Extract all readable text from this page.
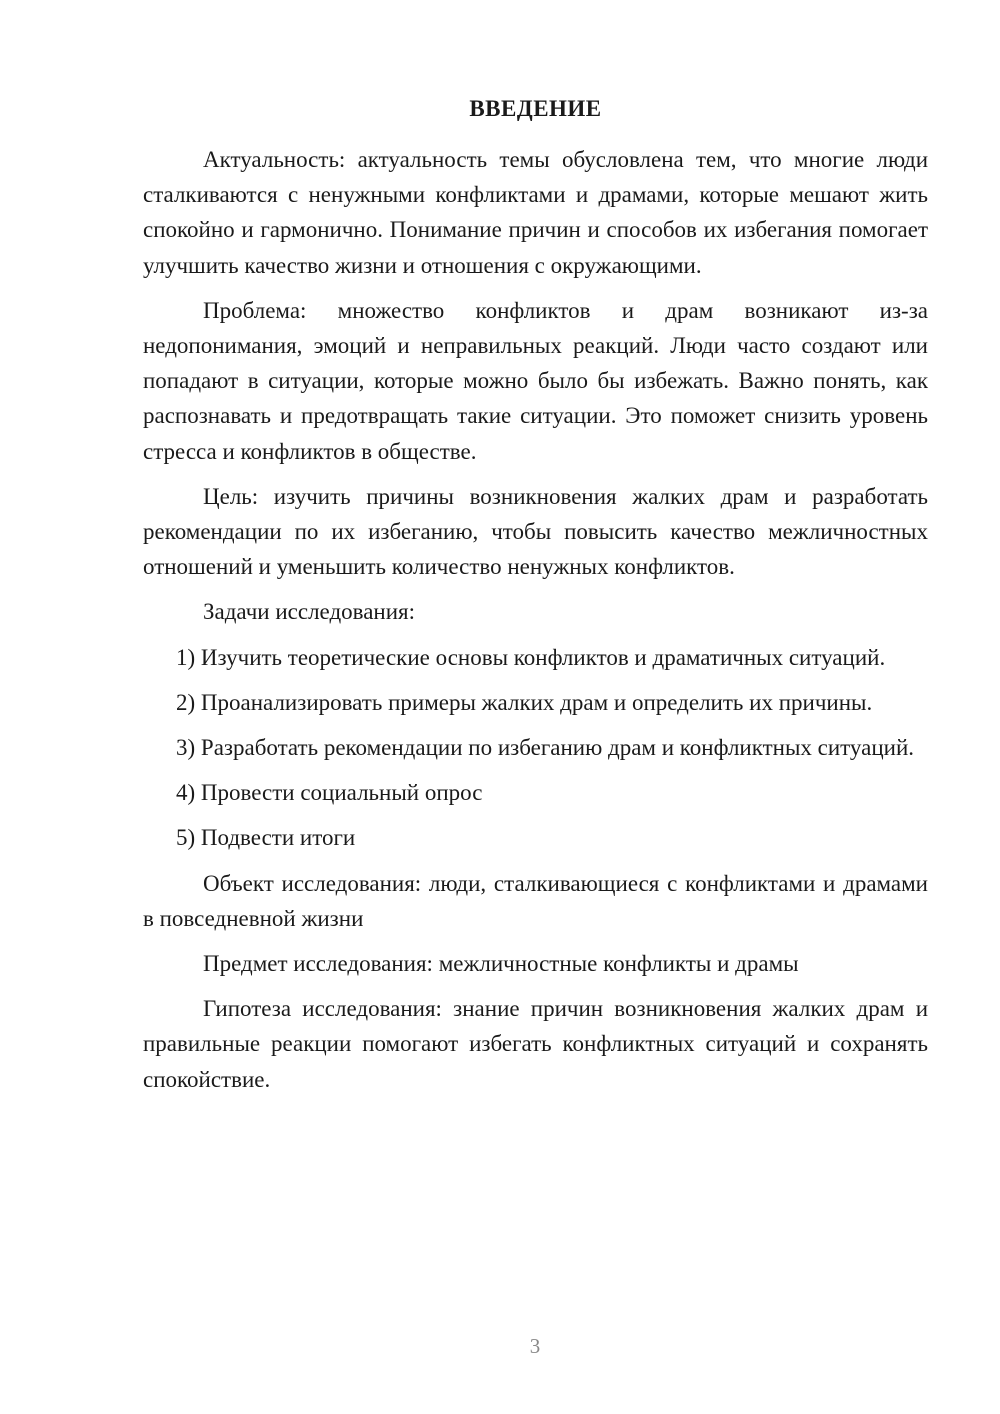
ВВЕДЕНИЕ

Актуальность: актуальность темы обусловлена тем, что многие люди сталкиваются с ненужными конфликтами и драмами, которые мешают жить спокойно и гармонично. Понимание причин и способов их избегания помогает улучшить качество жизни и отношения с окружающими.

Проблема: множество конфликтов и драм возникают из-за недопонимания, эмоций и неправильных реакций. Люди часто создают или попадают в ситуации, которые можно было бы избежать. Важно понять, как распознавать и предотвращать такие ситуации. Это поможет снизить уровень стресса и конфликтов в обществе.

Цель: изучить причины возникновения жалких драм и разработать рекомендации по их избеганию, чтобы повысить качество межличностных отношений и уменьшить количество ненужных конфликтов.

Задачи исследования:

1) Изучить теоретические основы конфликтов и драматичных ситуаций.

2) Проанализировать примеры жалких драм и определить их причины.

3) Разработать рекомендации по избеганию драм и конфликтных ситуаций.

4) Провести социальный опрос

5) Подвести итоги

Объект исследования: люди, сталкивающиеся с конфликтами и драмами в повседневной жизни

Предмет исследования: межличностные конфликты и драмы

Гипотеза исследования: знание причин возникновения жалких драм и правильные реакции помогают избегать конфликтных ситуаций и сохранять спокойствие.

3
